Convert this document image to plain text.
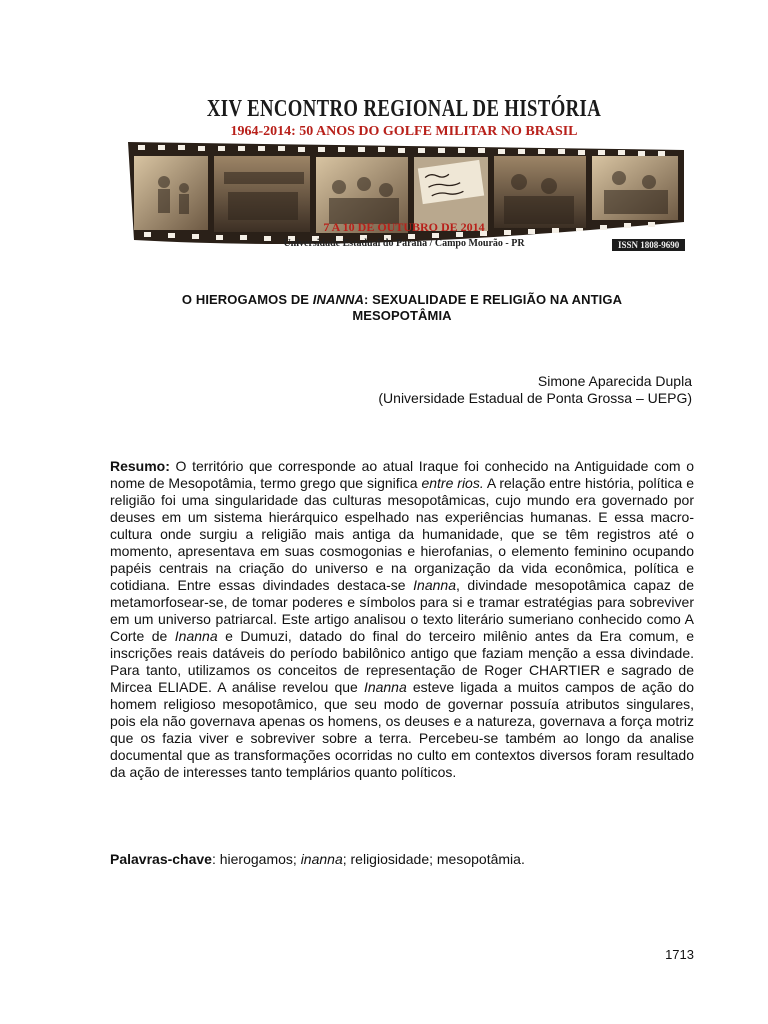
XIV ENCONTRO REGIONAL DE HISTÓRIA
1964-2014: 50 ANOS DO GOLFE MILITAR NO BRASIL
7 A 10 DE OUTUBRO DE 2014
Universidade Estadual do Paraná / Campo Mourão - PR	ISSN 1808-9690
O HIEROGAMOS DE INANNA: SEXUALIDADE E RELIGIÃO NA ANTIGA
MESOPOTÂMIA
Simone Aparecida Dupla
(Universidade Estadual de Ponta Grossa – UEPG)
Resumo: O território que corresponde ao atual Iraque foi conhecido na Antiguidade com o nome de Mesopotâmia, termo grego que significa entre rios. A relação entre história, política e religião foi uma singularidade das culturas mesopotâmicas, cujo mundo era governado por deuses em um sistema hierárquico espelhado nas experiências humanas. E essa macro-cultura onde surgiu a religião mais antiga da humanidade, que se têm registros até o momento, apresentava em suas cosmogonias e hierofanias, o elemento feminino ocupando papéis centrais na criação do universo e na organização da vida econômica, política e cotidiana. Entre essas divindades destaca-se Inanna, divindade mesopotâmica capaz de metamorfosear-se, de tomar poderes e símbolos para si e tramar estratégias para sobreviver em um universo patriarcal. Este artigo analisou o texto literário sumeriano conhecido como A Corte de Inanna e Dumuzi, datado do final do terceiro milênio antes da Era comum, e inscrições reais datáveis do período babilônico antigo que faziam menção a essa divindade. Para tanto, utilizamos os conceitos de representação de Roger CHARTIER e sagrado de Mircea ELIADE. A análise revelou que Inanna esteve ligada a muitos campos de ação do homem religioso mesopotâmico, que seu modo de governar possuía atributos singulares, pois ela não governava apenas os homens, os deuses e a natureza, governava a força motriz que os fazia viver e sobreviver sobre a terra. Percebeu-se também ao longo da analise documental que as transformações ocorridas no culto em contextos diversos foram resultado da ação de interesses tanto templários quanto políticos.
Palavras-chave: hierogamos; inanna; religiosidade; mesopotâmia.
1713
